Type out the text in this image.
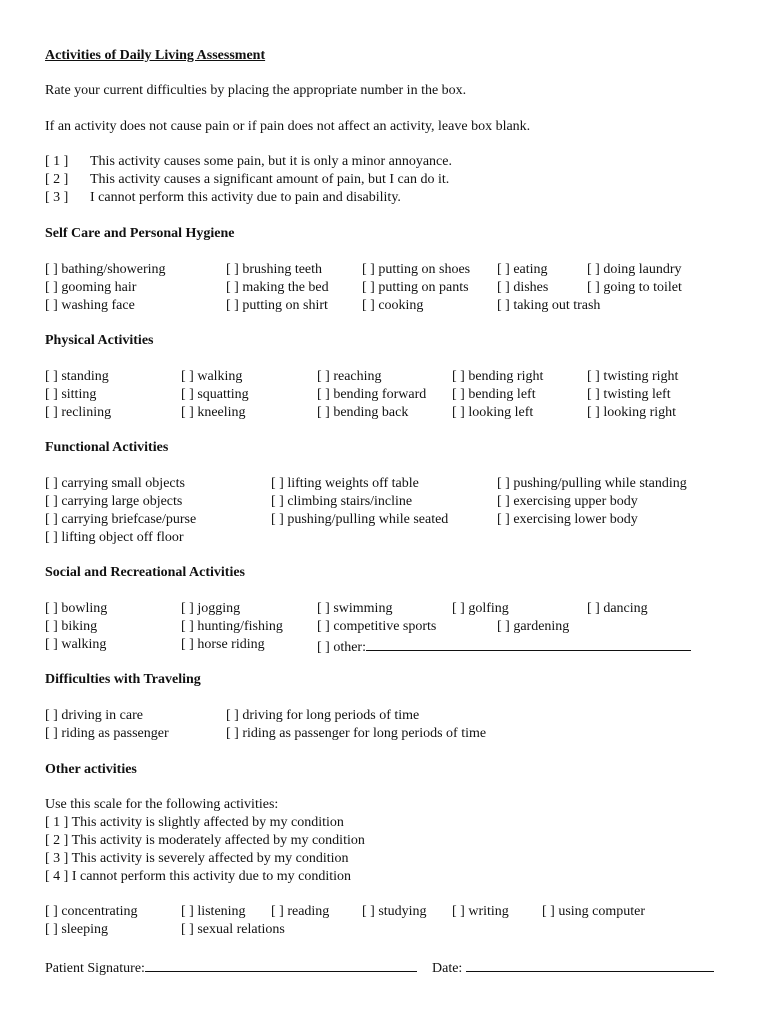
Activities of Daily Living Assessment
Rate your current difficulties by placing the appropriate number in the box.
If an activity does not cause pain or if pain does not affect an activity, leave box blank.
[ 1 ] This activity causes some pain, but it is only a minor annoyance.
[ 2 ] This activity causes a significant amount of pain, but I can do it.
[ 3 ] I cannot perform this activity due to pain and disability.
Self Care and Personal Hygiene
[ ] bathing/showering
[ ] gooming hair
[ ] washing face
[ ] brushing teeth
[ ] making the bed
[ ] putting on shirt
[ ] putting on shoes
[ ] putting on pants
[ ] cooking
[ ] eating
[ ] dishes
[ ] taking out trash
[ ] doing laundry
[ ] going to toilet
Physical Activities
[ ] standing
[ ] sitting
[ ] reclining
[ ] walking
[ ] squatting
[ ] kneeling
[ ] reaching
[ ] bending forward
[ ] bending back
[ ] bending right
[ ] bending left
[ ] looking left
[ ] twisting right
[ ] twisting left
[ ] looking right
Functional Activities
[ ] carrying small objects
[ ] carrying large objects
[ ] carrying briefcase/purse
[ ] lifting object off floor
[ ] lifting weights off table
[ ] climbing stairs/incline
[ ] pushing/pulling while seated
[ ] pushing/pulling while standing
[ ] exercising upper body
[ ] exercising lower body
Social and Recreational Activities
[ ] bowling
[ ] biking
[ ] walking
[ ] jogging
[ ] hunting/fishing
[ ] horse riding
[ ] swimming
[ ] competitive sports
[ ] other:
[ ] golfing
[ ] gardening
[ ] dancing
Difficulties with Traveling
[ ] driving in care
[ ] riding as passenger
[ ] driving for long periods of time
[ ] riding as passenger for long periods of time
Other activities
Use this scale for the following activities:
[ 1 ] This activity is slightly affected by my condition
[ 2 ] This activity is moderately affected by my condition
[ 3 ] This activity is severely affected by my condition
[ 4 ] I cannot perform this activity due to my condition
[ ] concentrating
[ ] sleeping
[ ] listening
[ ] sexual relations
[ ] reading [ ] studying [ ] writing [ ] using computer
Patient Signature:	Date:
